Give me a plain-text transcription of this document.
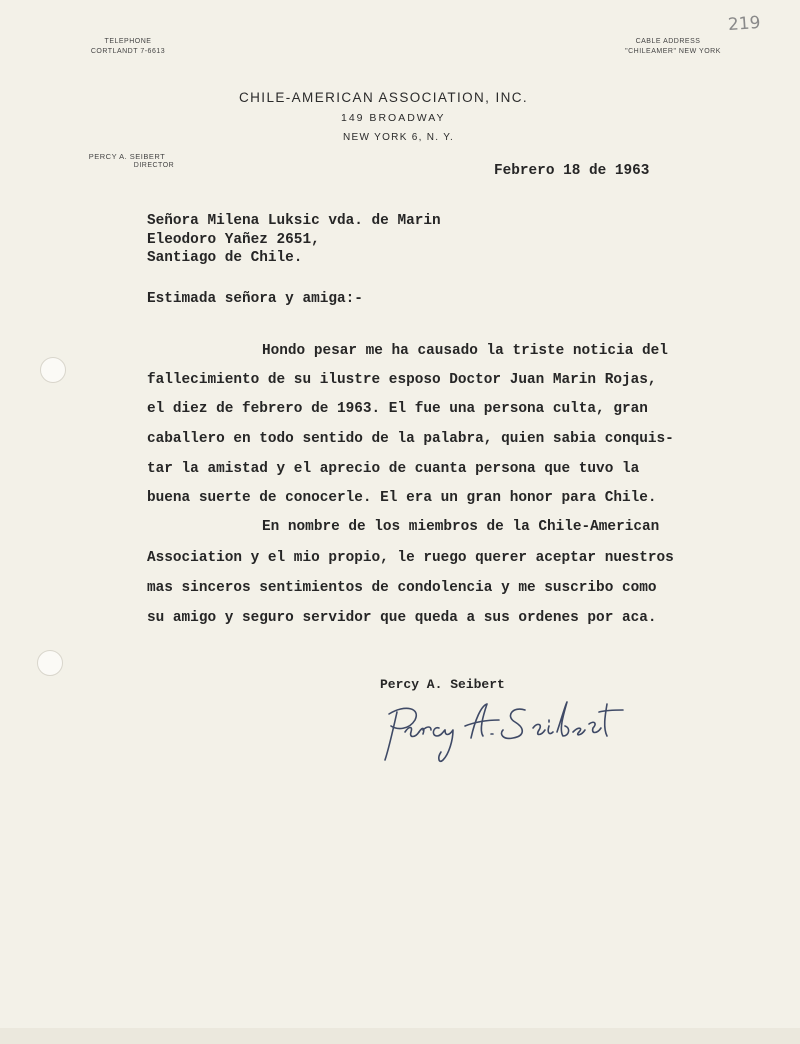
219
TELEPHONE
CORTLANDT 7-6613
CABLE ADDRESS
"CHILEAMER" NEW YORK
CHILE-AMERICAN ASSOCIATION, INC.
149 BROADWAY
NEW YORK 6, N. Y.
PERCY A. SEIBERT
DIRECTOR	Febrero 18 de 1963
Señora Milena Luksic vda. de Marin
Eleodoro Yañez 2651,
Santiago de Chile.
Estimada señora y amiga:-
Hondo pesar me ha causado la triste noticia del
fallecimiento de su ilustre esposo Doctor Juan Marin Rojas,
el diez de febrero de 1963. El fue una persona culta, gran
caballero en todo sentido de la palabra, quien sabia conquis-
tar la amistad y el aprecio de cuanta persona que tuvo la
buena suerte de conocerle. El era un gran honor para Chile.
En nombre de los miembros de la Chile-American
Association y el mio propio, le ruego querer aceptar nuestros
mas sinceros sentimientos de condolencia y me suscribo como
su amigo y seguro servidor que queda a sus ordenes por aca.
Percy A. Seibert
